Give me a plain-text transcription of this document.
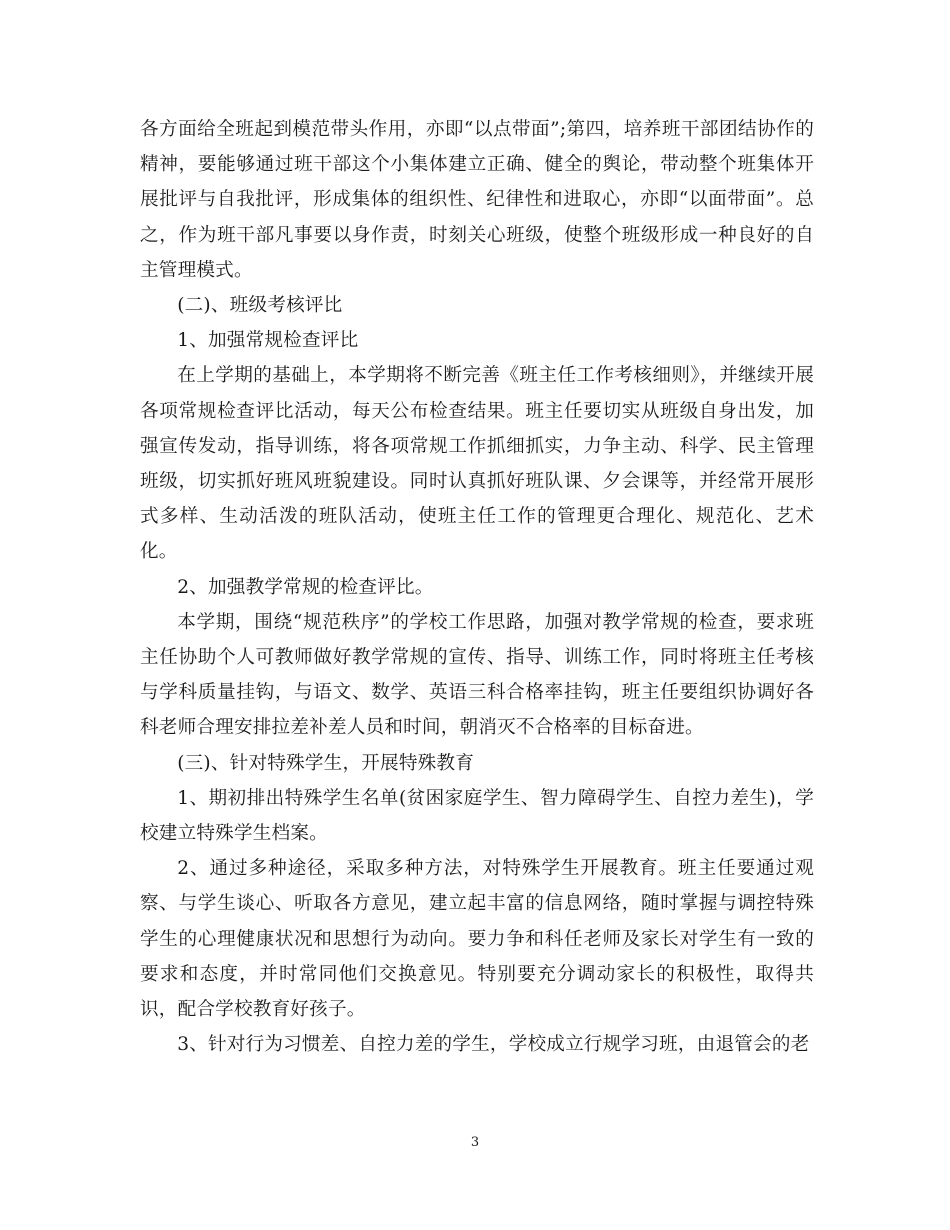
各方面给全班起到模范带头作用，亦即“以点带面”;第四，培养班干部团结协作的精神，要能够通过班干部这个小集体建立正确、健全的舆论，带动整个班集体开展批评与自我批评，形成集体的组织性、纪律性和进取心，亦即“以面带面”。总之，作为班干部凡事要以身作责，时刻关心班级，使整个班级形成一种良好的自主管理模式。

(二)、班级考核评比

1、加强常规检查评比

在上学期的基础上，本学期将不断完善《班主任工作考核细则》，并继续开展各项常规检查评比活动，每天公布检查结果。班主任要切实从班级自身出发，加强宣传发动，指导训练，将各项常规工作抓细抓实，力争主动、科学、民主管理班级，切实抓好班风班貌建设。同时认真抓好班队课、夕会课等，并经常开展形式多样、生动活泼的班队活动，使班主任工作的管理更合理化、规范化、艺术化。

2、加强教学常规的检查评比。

本学期，围绕“规范秩序”的学校工作思路，加强对教学常规的检查，要求班主任协助个人可教师做好教学常规的宣传、指导、训练工作，同时将班主任考核与学科质量挂钩，与语文、数学、英语三科合格率挂钩，班主任要组织协调好各科老师合理安排拉差补差人员和时间，朝消灭不合格率的目标奋进。

(三)、针对特殊学生，开展特殊教育

1、期初排出特殊学生名单(贫困家庭学生、智力障碍学生、自控力差生)，学校建立特殊学生档案。

2、通过多种途径，采取多种方法，对特殊学生开展教育。班主任要通过观察、与学生谈心、听取各方意见，建立起丰富的信息网络，随时掌握与调控特殊学生的心理健康状况和思想行为动向。要力争和科任老师及家长对学生有一致的要求和态度，并时常同他们交换意见。特别要充分调动家长的积极性，取得共识，配合学校教育好孩子。

3、针对行为习惯差、自控力差的学生，学校成立行规学习班，由退管会的老

3
